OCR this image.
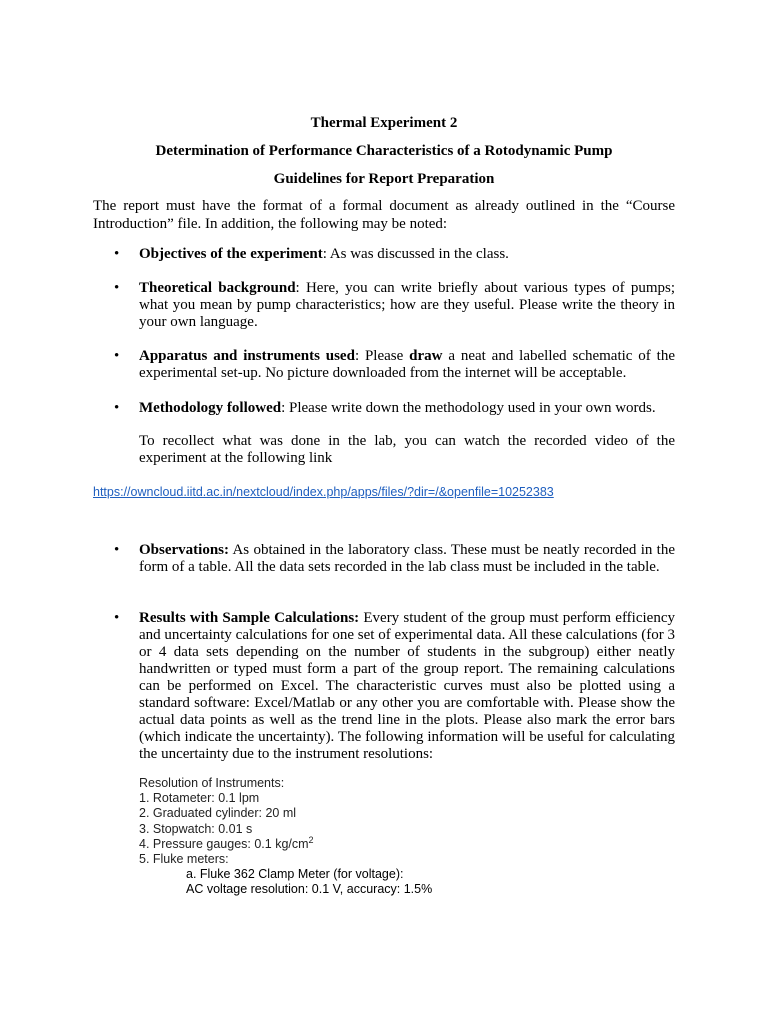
Thermal Experiment 2
Determination of Performance Characteristics of a Rotodynamic Pump
Guidelines for Report Preparation
The report must have the format of a formal document as already outlined in the “Course Introduction” file. In addition, the following may be noted:
• Objectives of the experiment: As was discussed in the class.
• Theoretical background: Here, you can write briefly about various types of pumps; what you mean by pump characteristics; how are they useful. Please write the theory in your own language.
• Apparatus and instruments used: Please draw a neat and labelled schematic of the experimental set-up. No picture downloaded from the internet will be acceptable.
• Methodology followed: Please write down the methodology used in your own words.
To recollect what was done in the lab, you can watch the recorded video of the experiment at the following link
https://owncloud.iitd.ac.in/nextcloud/index.php/apps/files/?dir=/&openfile=10252383
• Observations: As obtained in the laboratory class. These must be neatly recorded in the form of a table. All the data sets recorded in the lab class must be included in the table.
• Results with Sample Calculations: Every student of the group must perform efficiency and uncertainty calculations for one set of experimental data. All these calculations (for 3 or 4 data sets depending on the number of students in the subgroup) either neatly handwritten or typed must form a part of the group report. The remaining calculations can be performed on Excel. The characteristic curves must also be plotted using a standard software: Excel/Matlab or any other you are comfortable with. Please show the actual data points as well as the trend line in the plots. Please also mark the error bars (which indicate the uncertainty). The following information will be useful for calculating the uncertainty due to the instrument resolutions:
Resolution of Instruments:
1. Rotameter: 0.1 lpm
2. Graduated cylinder: 20 ml
3. Stopwatch: 0.01 s
4. Pressure gauges: 0.1 $kg/cm^2$
5. Fluke meters:
a. Fluke 362 Clamp Meter (for voltage):
AC voltage resolution: 0.1 V, accuracy: 1.5%
